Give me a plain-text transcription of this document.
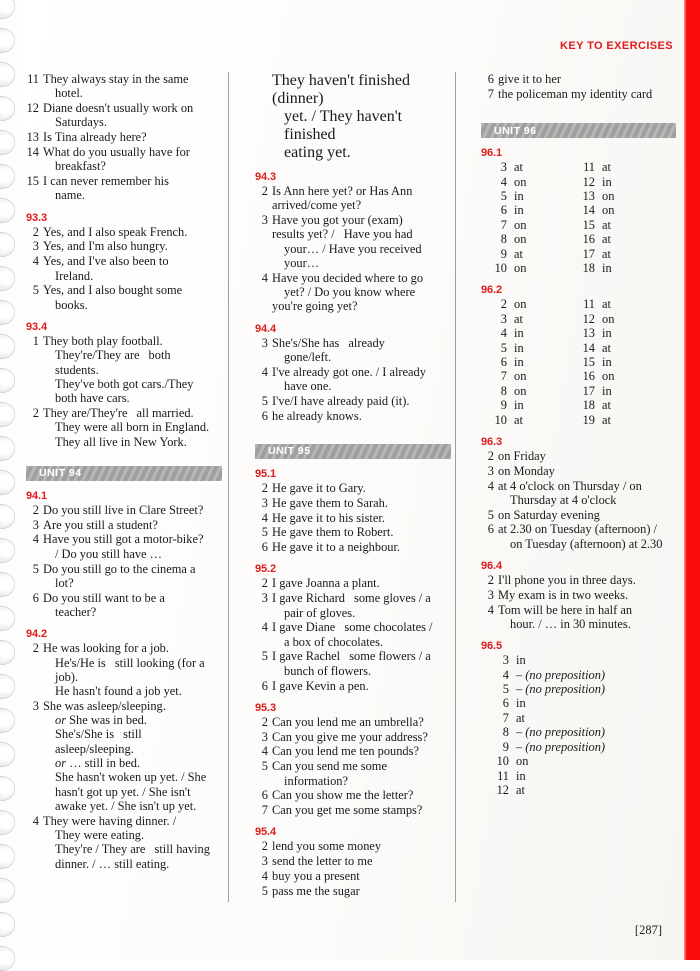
KEY TO EXERCISES
11 They always stay in the same
hotel.
12 Diane doesn't usually work on
Saturdays.
13 Is Tina already here?
14 What do you usually have for
breakfast?
15 I can never remember his
name.
93.3
2 Yes, and I also speak French.
3 Yes, and I'm also hungry.
4 Yes, and I've also been to
Ireland.
5 Yes, and I also bought some
books.
93.4
1 They both play football.
They're/They are both
students.
They've both got cars./They
both have cars.
2 They are/They're all married.
They were all born in England.
They all live in New York.
UNIT 94
94.1
2 Do you still live in Clare Street?
3 Are you still a student?
4 Have you still got a motor-bike?
/ Do you still have …
5 Do you still go to the cinema a
lot?
6 Do you still want to be a
teacher?
94.2
2 He was looking for a job.
He's/He is still looking (for a
job).
He hasn't found a job yet.
3 She was asleep/sleeping.
or She was in bed.
She's/She is still asleep/sleeping.
or … still in bed.
She hasn't woken up yet. / She
hasn't got up yet. / She isn't
awake yet. / She isn't up yet.
4 They were having dinner. /
They were eating.
They're / They are still having
dinner. / … still eating.
They haven't finished (dinner)
yet. / They haven't finished
eating yet.
94.3
2 Is Ann here yet? or Has Ann
arrived/come yet?
3 Have you got your (exam)
results yet? / Have you had
your… / Have you received
your…
4 Have you decided where to go
yet? / Do you know where
you're going yet?
94.4
3 She's/She has already
gone/left.
4 I've already got one. / I already
have one.
5 I've/I have already paid (it).
6 he already knows.
UNIT 95
95.1
2 He gave it to Gary.
3 He gave them to Sarah.
4 He gave it to his sister.
5 He gave them to Robert.
6 He gave it to a neighbour.
95.2
2 I gave Joanna a plant.
3 I gave Richard some gloves / a
pair of gloves.
4 I gave Diane some chocolates /
a box of chocolates.
5 I gave Rachel some flowers / a
bunch of flowers.
6 I gave Kevin a pen.
95.3
2 Can you lend me an umbrella?
3 Can you give me your address?
4 Can you lend me ten pounds?
5 Can you send me some
information?
6 Can you show me the letter?
7 Can you get me some stamps?
95.4
2 lend you some money
3 send the letter to me
4 buy you a present
5 pass me the sugar
6 give it to her
7 the policeman my identity card
UNIT 96
96.1
3 at
4 on
5 in
6 in
7 on
8 on
9 at
10 on
11 at
12 in
13 on
14 on
15 at
16 at
17 at
18 in
96.2
2 on
3 at
4 in
5 in
6 in
7 on
8 on
9 in
10 at
11 at
12 on
13 in
14 at
15 in
16 on
17 in
18 at
19 at
96.3
2 on Friday
3 on Monday
4 at 4 o'clock on Thursday / on
Thursday at 4 o'clock
5 on Saturday evening
6 at 2.30 on Tuesday (afternoon) /
on Tuesday (afternoon) at 2.30
96.4
2 I'll phone you in three days.
3 My exam is in two weeks.
4 Tom will be here in half an
hour. / … in 30 minutes.
96.5
3 in
4 – (no preposition)
5 – (no preposition)
6 in
7 at
8 – (no preposition)
9 – (no preposition)
10 on
11 in
12 at
[287]
